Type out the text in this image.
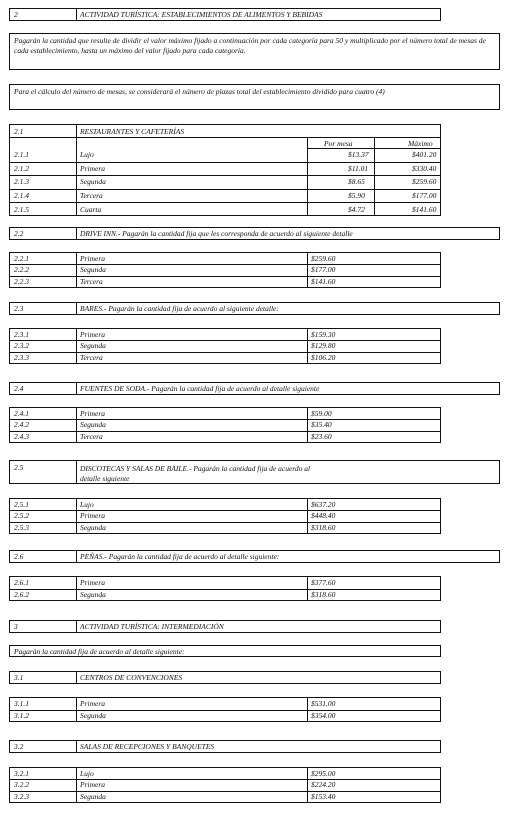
2	ACTIVIDAD TURÍSTICA: ESTABLECIMIENTOS DE ALIMENTOS Y BEBIDAS
Pagarán la cantidad que resulte de dividir el valor máximo fijado a continuación por cada categoría para 50 y multiplicado por el número total de mesas de cada establecimiento, hasta un máximo del valor fijado para cada categoría.
Para el cálculo del número de mesas, se considerará el número de plazas total del establecimiento dividido para cuatro (4)
2.1	RESTAURANTES Y CAFETERÍAS
Por mesa	Máximo
2.1.1	Lujo	$13.37	$401.20
2.1.2	Primera	$11.01	$330.40
2.1.3	Segunda	$8.65	$259.60
2.1.4	Tercera	$5.90	$177.00
2.1.5	Cuarta	$4.72	$141.60
2.2	DRIVE INN.- Pagarán la cantidad fija que les corresponda de acuerdo al siguiente detalle
2.2.1	Primera	$259.60
2.2.2	Segunda	$177.00
2.2.3	Tercera	$141.60
2.3	BARES.- Pagarán la cantidad fija de acuerdo al siguiente detalle:
2.3.1	Primera	$159.30
2.3.2	Segunda	$129.80
2.3.3	Tercera	$106.20
2.4	FUENTES DE SODA.- Pagarán la cantidad fija de acuerdo al detalle siguiente
2.4.1	Primera	$59.00
2.4.2	Segunda	$35.40
2.4.3	Tercera	$23.60
2.5	DISCOTECAS Y SALAS DE BAILE.- Pagarán la cantidad fija de acuerdo al
detalle siguiente
2.5.1	Lujo	$637.20
2.5.2	Primera	$448.40
2.5.3	Segunda	$318.60
2.6	PEÑAS.- Pagarán la cantidad fija de acuerdo al detalle siguiente:
2.6.1	Primera	$377.60
2.6.2	Segunda	$318.60
3	ACTIVIDAD TURÍSTICA: INTERMEDIACIÓN
Pagarán la cantidad fija de acuerdo al detalle siguiente:
3.1	CENTROS DE CONVENCIONES
3.1.1	Primera	$531.00
3.1.2	Segunda	$354.00
3.2	SALAS DE RECEPCIONES Y BANQUETES
3.2.1	Lujo	$295.00
3.2.2	Primera	$224.20
3.2.3	Segunda	$153.40
